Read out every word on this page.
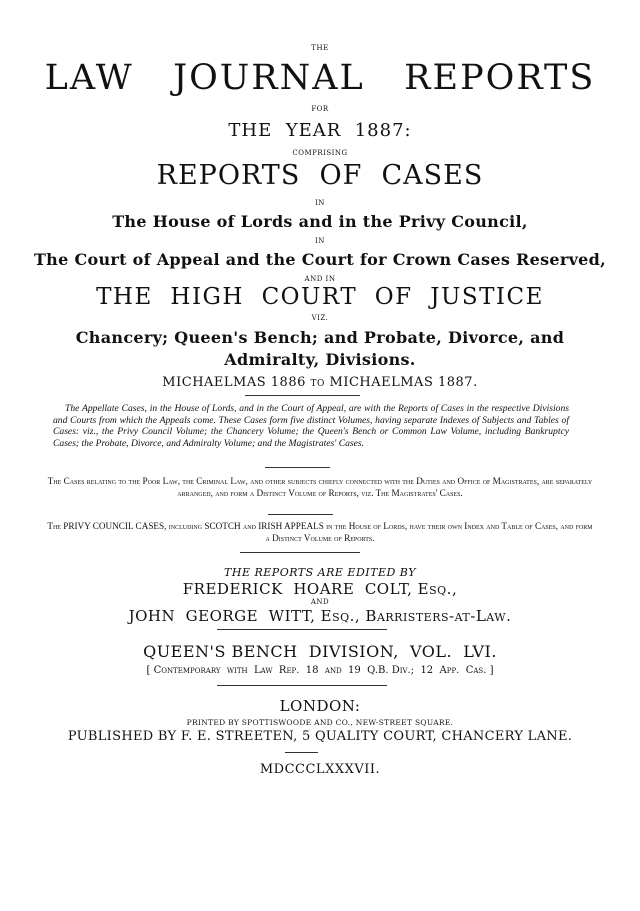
THE
LAW   JOURNAL   REPORTS
FOR
THE  YEAR  1887:
COMPRISING
REPORTS  OF  CASES
IN
The House of Lords and in the Privy Council,
IN
The Court of Appeal and the Court for Crown Cases Reserved,
AND IN
THE  HIGH  COURT  OF  JUSTICE
VIZ.
Chancery; Queen's Bench; and Probate, Divorce, and
Admiralty, Divisions.
MICHAELMAS 1886 to MICHAELMAS 1887.
The Appellate Cases, in the House of Lords, and in the Court of Appeal, are with the Reports of Cases in the respective Divisions and Courts from which the Appeals come. These Cases form five distinct Volumes, having separate Indexes of Subjects and Tables of Cases: viz., the Privy Council Volume; the Chancery Volume; the Queen's Bench or Common Law Volume, including Bankruptcy Cases; the Probate, Divorce, and Admiralty Volume; and the Magistrates' Cases.
The Cases relating to the Poor Law, the Criminal Law, and other subjects chiefly connected with the Duties and Office of Magistrates, are separately arranged, and form a Distinct Volume of Reports, viz. The Magistrates' Cases.
The PRIVY COUNCIL CASES, including SCOTCH and IRISH APPEALS in the House of Lords, have their own Index and Table of Cases, and form a Distinct Volume of Reports.
THE REPORTS ARE EDITED BY
FREDERICK  HOARE  COLT, Esq.,
AND
JOHN  GEORGE  WITT, Esq., Barristers-at-Law.
QUEEN'S BENCH  DIVISION,  VOL.  LVI.
[ Contemporary  with  Law  Rep.  18  and  19  Q.B. Div.;  12  App.  Cas. ]
LONDON:
PRINTED BY SPOTTISWOODE AND CO., NEW-STREET SQUARE.
PUBLISHED BY F. E. STREETEN, 5 QUALITY COURT, CHANCERY LANE.
MDCCCLXXXVII.
